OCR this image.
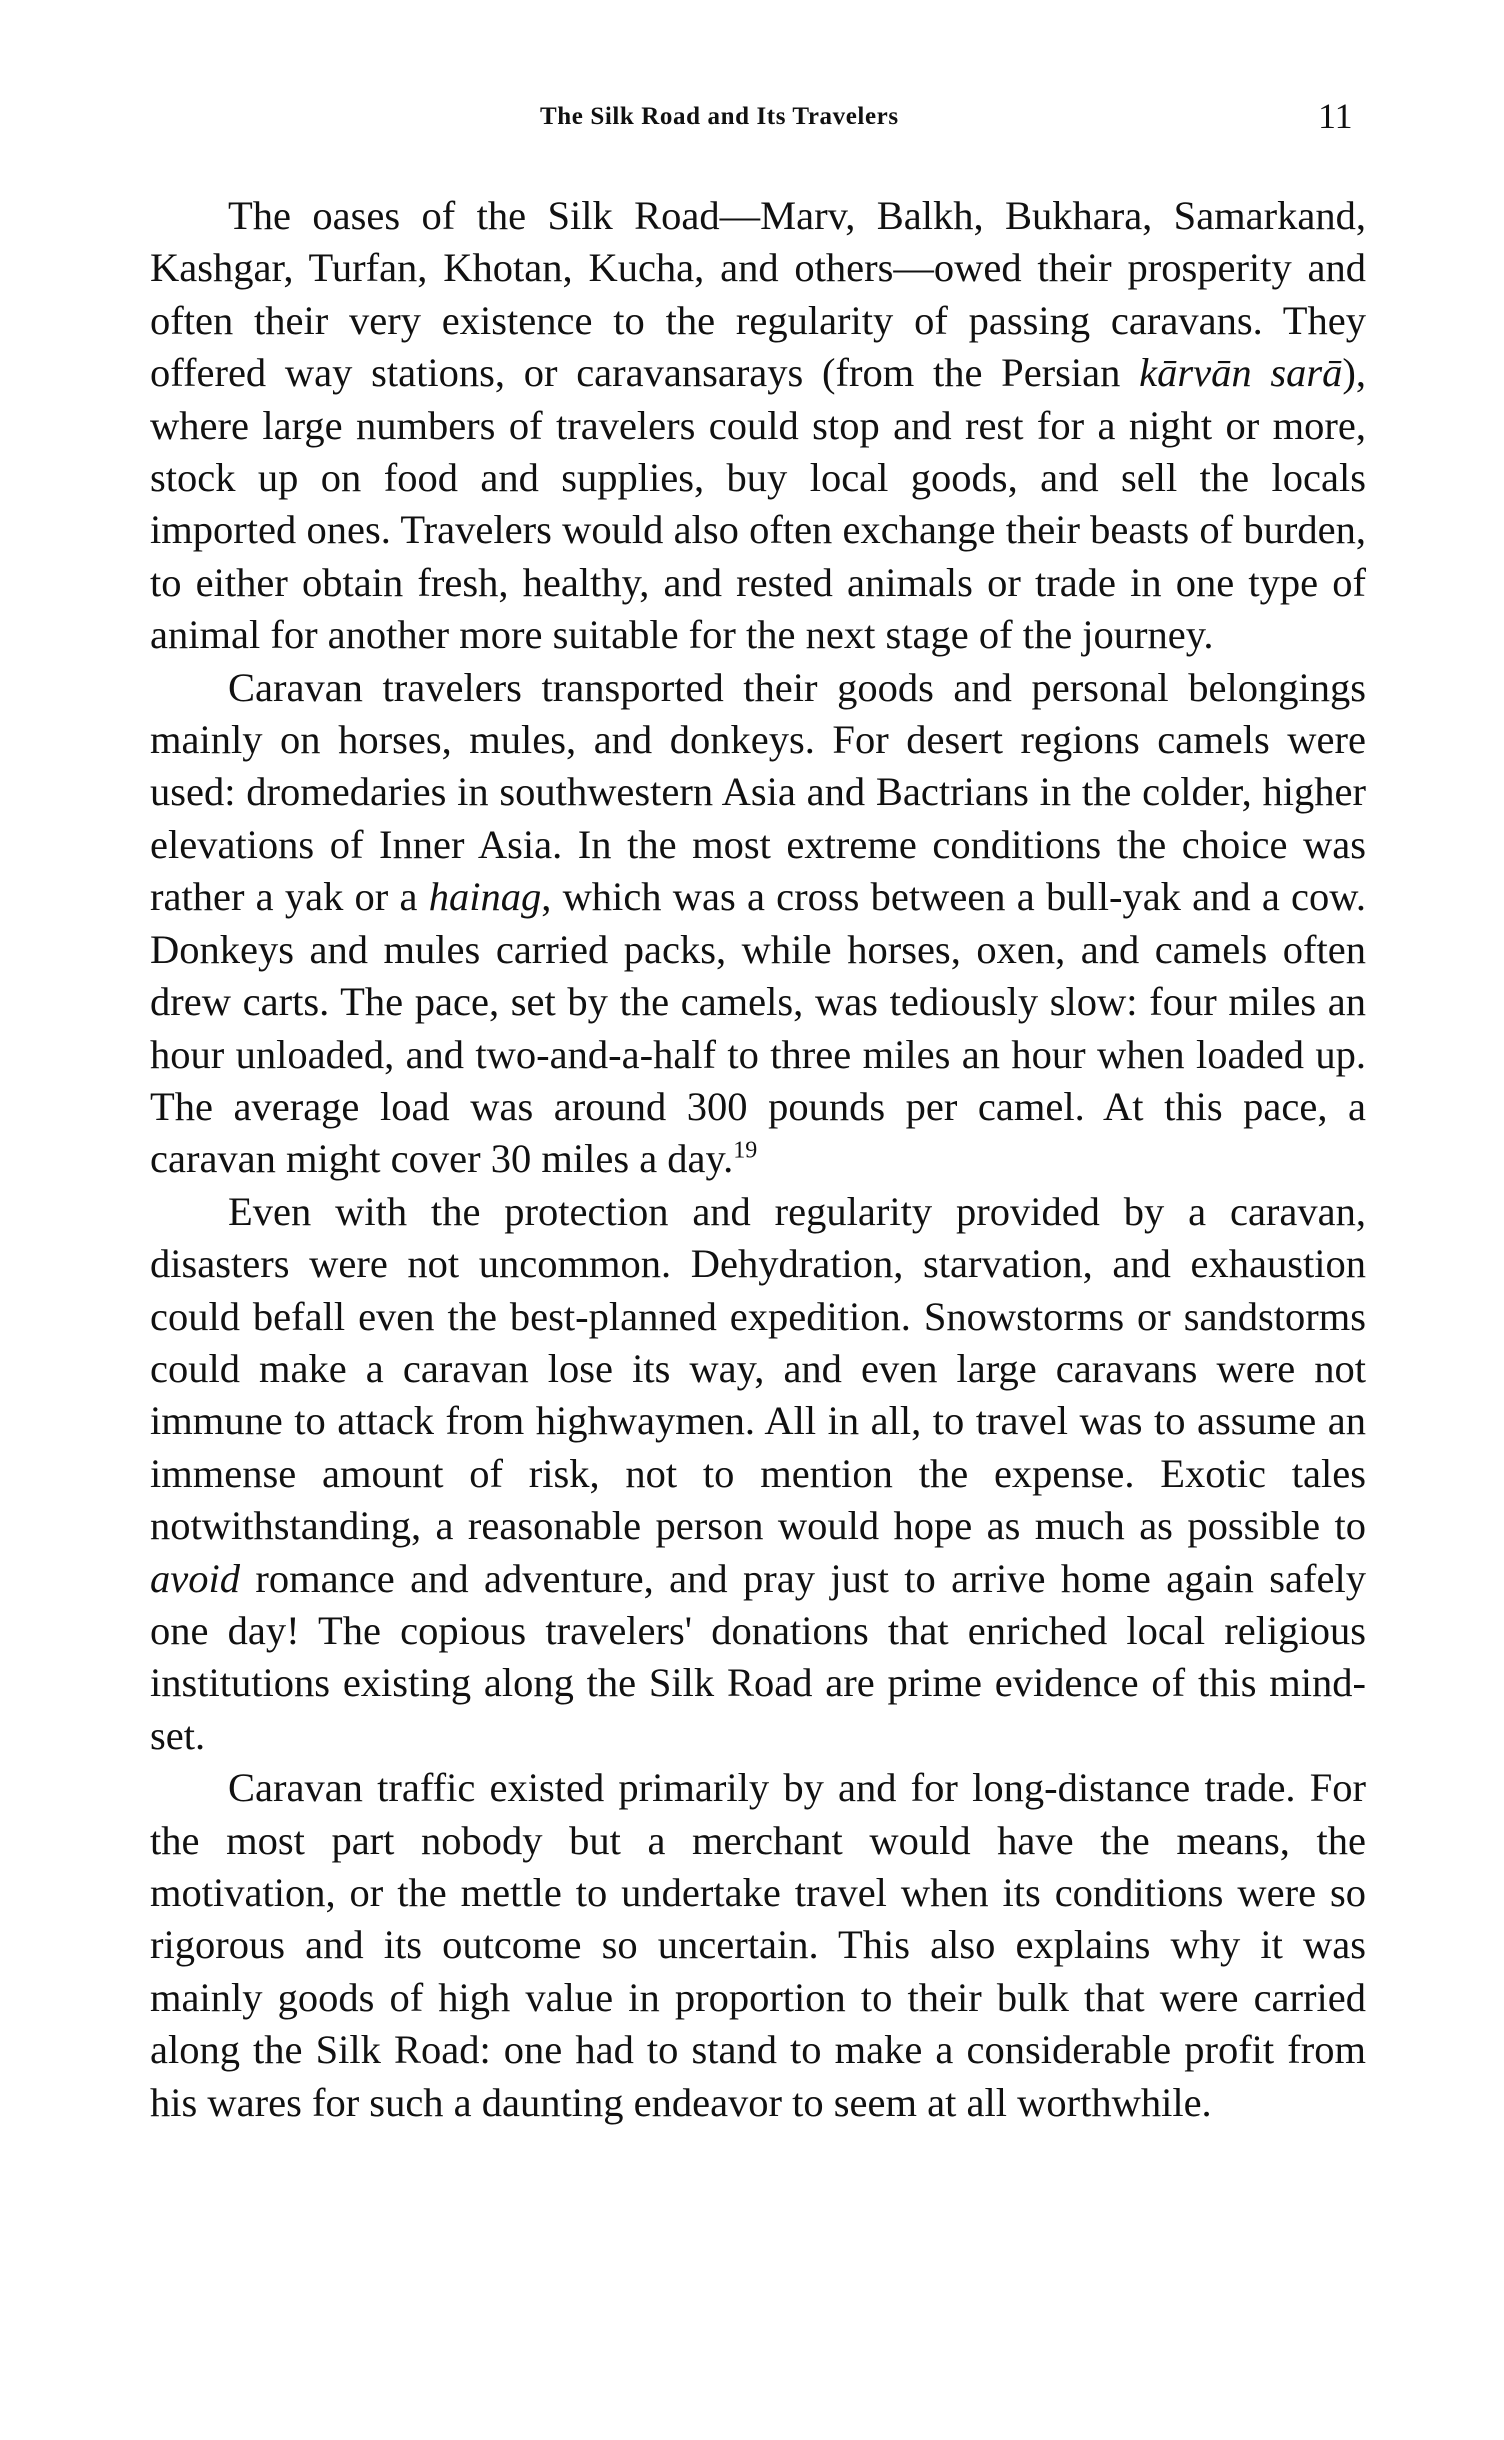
The Silk Road and Its Travelers	11

The oases of the Silk Road—Marv, Balkh, Bukhara, Samarkand, Kashgar, Turfan, Khotan, Kucha, and others—owed their prosperity and often their very existence to the regularity of passing caravans. They offered way stations, or caravansarays (from the Persian kārvān sarā), where large numbers of travelers could stop and rest for a night or more, stock up on food and supplies, buy local goods, and sell the locals imported ones. Travelers would also often exchange their beasts of burden, to either obtain fresh, healthy, and rested animals or trade in one type of animal for another more suitable for the next stage of the journey.

Caravan travelers transported their goods and personal belongings mainly on horses, mules, and donkeys. For desert regions camels were used: dromedaries in southwestern Asia and Bactrians in the colder, higher elevations of Inner Asia. In the most extreme conditions the choice was rather a yak or a hainag, which was a cross between a bull-yak and a cow. Donkeys and mules carried packs, while horses, oxen, and camels often drew carts. The pace, set by the camels, was tediously slow: four miles an hour unloaded, and two-and-a-half to three miles an hour when loaded up. The average load was around 300 pounds per camel. At this pace, a caravan might cover 30 miles a day.$^{19}$

Even with the protection and regularity provided by a caravan, disasters were not uncommon. Dehydration, starvation, and exhaustion could befall even the best-planned expedition. Snowstorms or sandstorms could make a caravan lose its way, and even large caravans were not immune to attack from highwaymen. All in all, to travel was to assume an immense amount of risk, not to mention the expense. Exotic tales notwithstanding, a reasonable person would hope as much as possible to avoid romance and adventure, and pray just to arrive home again safely one day! The copious travelers' donations that enriched local religious institutions existing along the Silk Road are prime evidence of this mind-set.

Caravan traffic existed primarily by and for long-distance trade. For the most part nobody but a merchant would have the means, the motivation, or the mettle to undertake travel when its conditions were so rigorous and its outcome so uncertain. This also explains why it was mainly goods of high value in proportion to their bulk that were carried along the Silk Road: one had to stand to make a considerable profit from his wares for such a daunting endeavor to seem at all worthwhile.
